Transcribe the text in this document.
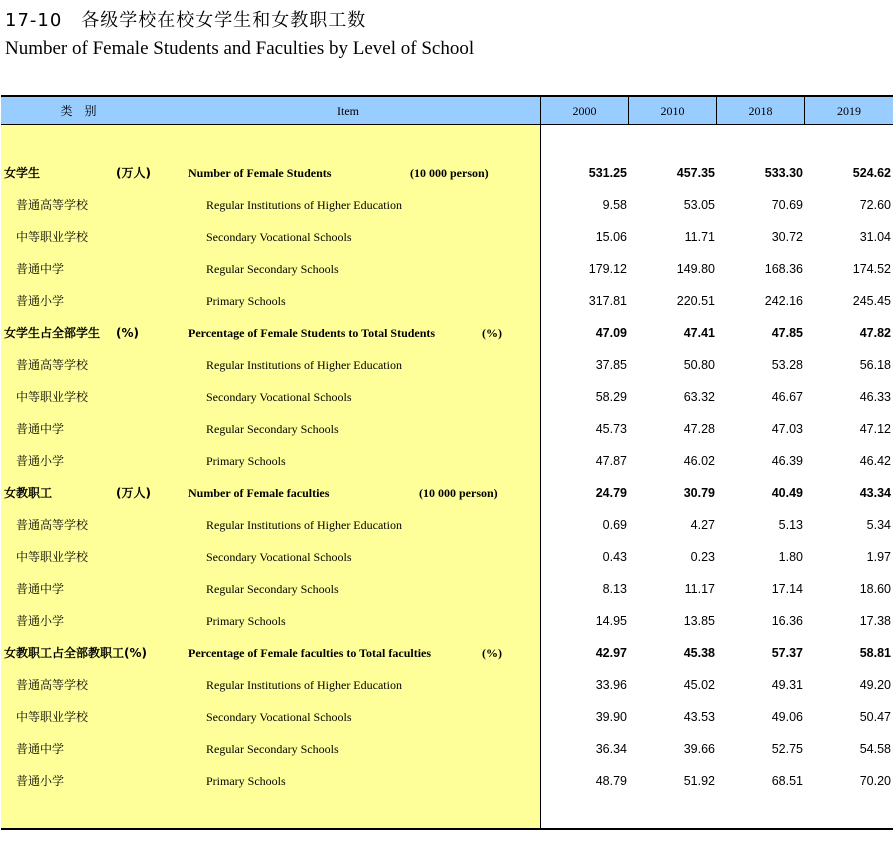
17-10　各级学校在校女学生和女教职工数
Number of Female Students and Faculties by Level of School
类　别	Item	2000	2010	2018	2019
女学生	(万人)	Number of Female Students	(10 000 person)	531.25	457.35	533.30	524.62
普通高等学校	Regular Institutions of Higher Education	9.58	53.05	70.69	72.60
中等职业学校	Secondary Vocational Schools	15.06	11.71	30.72	31.04
普通中学	Regular Secondary Schools	179.12	149.80	168.36	174.52
普通小学	Primary Schools	317.81	220.51	242.16	245.45
女学生占全部学生 (%)	Percentage of Female Students to Total Students	(%)	47.09	47.41	47.85	47.82
普通高等学校	Regular Institutions of Higher Education	37.85	50.80	53.28	56.18
中等职业学校	Secondary Vocational Schools	58.29	63.32	46.67	46.33
普通中学	Regular Secondary Schools	45.73	47.28	47.03	47.12
普通小学	Primary Schools	47.87	46.02	46.39	46.42
女教职工	(万人)	Number of Female faculties	(10 000 person)	24.79	30.79	40.49	43.34
普通高等学校	Regular Institutions of Higher Education	0.69	4.27	5.13	5.34
中等职业学校	Secondary Vocational Schools	0.43	0.23	1.80	1.97
普通中学	Regular Secondary Schools	8.13	11.17	17.14	18.60
普通小学	Primary Schools	14.95	13.85	16.36	17.38
女教职工占全部教职工(%)	Percentage of Female faculties to Total faculties	(%)	42.97	45.38	57.37	58.81
普通高等学校	Regular Institutions of Higher Education	33.96	45.02	49.31	49.20
中等职业学校	Secondary Vocational Schools	39.90	43.53	49.06	50.47
普通中学	Regular Secondary Schools	36.34	39.66	52.75	54.58
普通小学	Primary Schools	48.79	51.92	68.51	70.20
